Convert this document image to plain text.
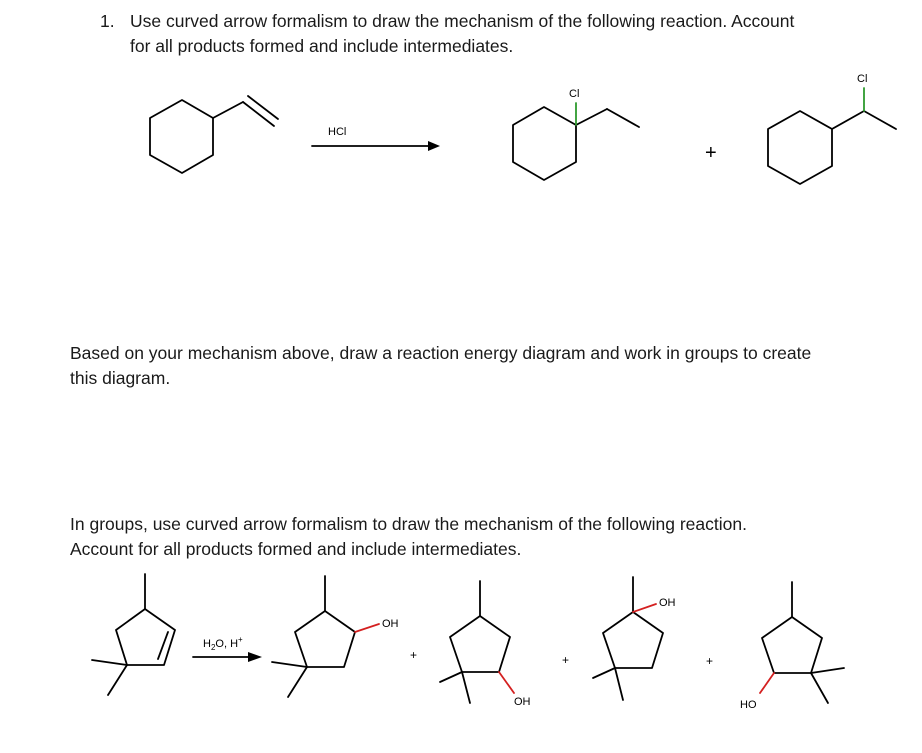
1. Use curved arrow formalism to draw the mechanism of the following reaction. Account
for all products formed and include intermediates.
HCl
Cl
+
Cl
Based on your mechanism above, draw a reaction energy diagram and work in groups to create
this diagram.
In groups, use curved arrow formalism to draw the mechanism of the following reaction.
Account for all products formed and include intermediates.
$H_2O$, H+
OH
+
OH
+
OH
+
HO
